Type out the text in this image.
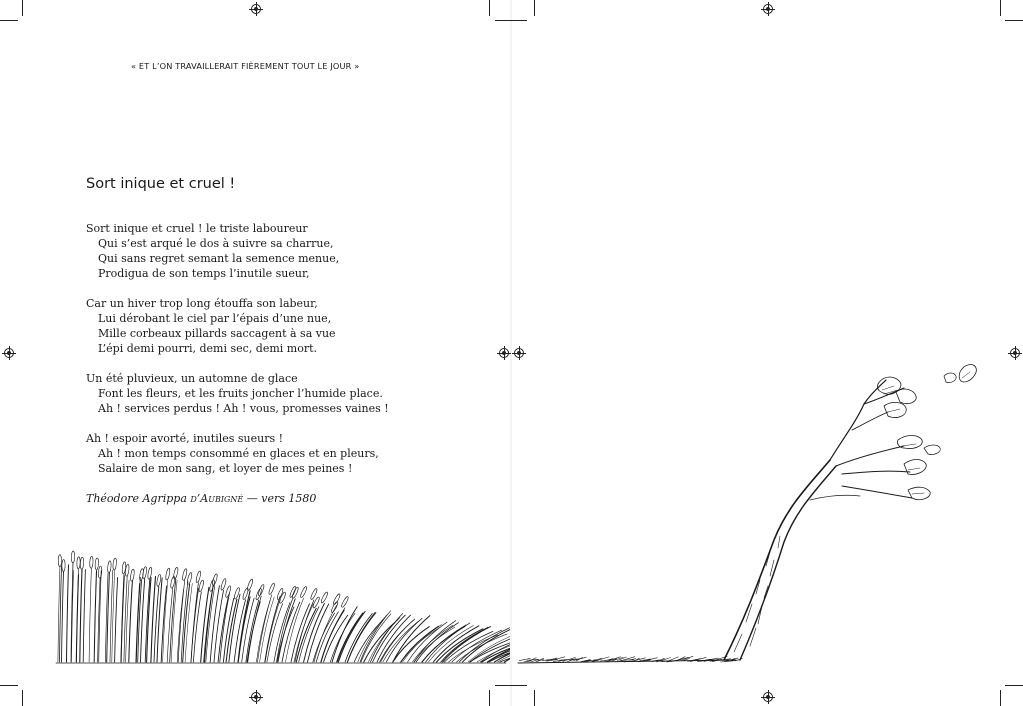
« ET L’ON TRAVAILLERAIT FIÈREMENT TOUT LE JOUR »
Sort inique et cruel !

Sort inique et cruel ! le triste laboureur
Qui s’est arqué le dos à suivre sa charrue,
Qui sans regret semant la semence menue,
Prodigua de son temps l’inutile sueur,

Car un hiver trop long étouffa son labeur,
Lui dérobant le ciel par l’épais d’une nue,
Mille corbeaux pillards saccagent à sa vue
L’épi demi pourri, demi sec, demi mort.

Un été pluvieux, un automne de glace
Font les fleurs, et les fruits joncher l’humide place.
Ah ! services perdus ! Ah ! vous, promesses vaines !

Ah ! espoir avorté, inutiles sueurs !
Ah ! mon temps consommé en glaces et en pleurs,
Salaire de mon sang, et loyer de mes peines !

Théodore Agrippa d’Aubigné — vers 1580
